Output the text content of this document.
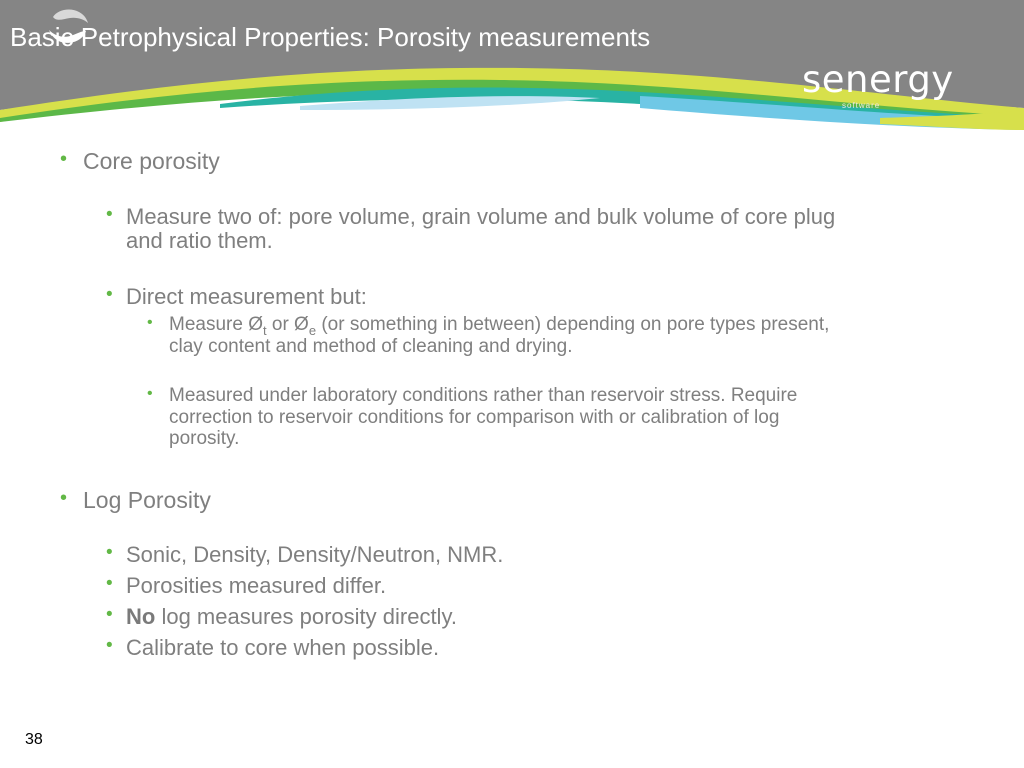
Basic Petrophysical Properties: Porosity measurements
senergy
software
• Core porosity
• Measure two of: pore volume, grain volume and bulk volume of core plug
and ratio them.
• Direct measurement but:
• Measure $Ø_t$ or $Ø_e$ (or something in between) depending on pore types present,
clay content and method of cleaning and drying.
• Measured under laboratory conditions rather than reservoir stress. Require
correction to reservoir conditions for comparison with or calibration of log
porosity.
• Log Porosity
• Sonic, Density, Density/Neutron, NMR.
• Porosities measured differ.
• No log measures porosity directly.
• Calibrate to core when possible.
38
